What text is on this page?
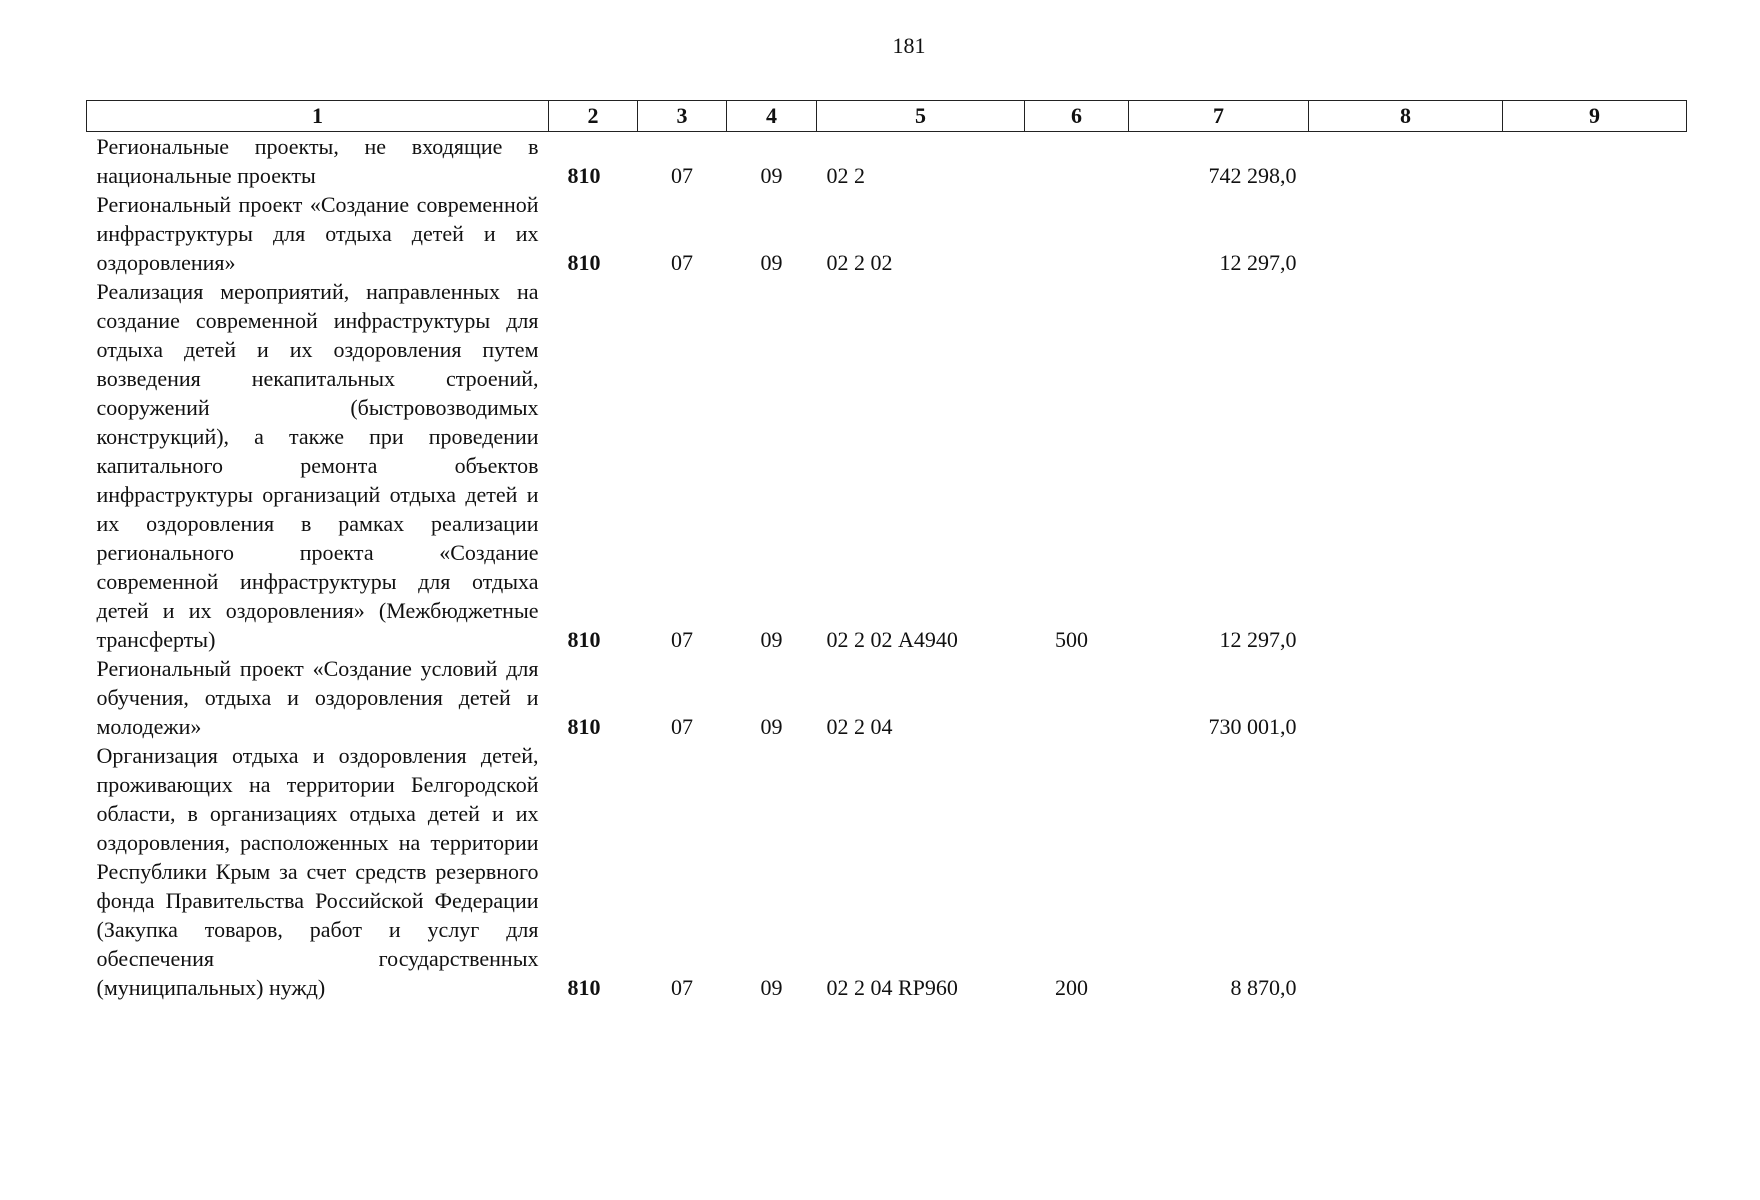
181
1	2	3	4	5	6	7	8	9
Региональные проекты, не входящие в национальные проекты	810	07	09	02 2		742 298,0		
Региональный проект «Создание современной инфраструктуры для отдыха детей и их оздоровления»	810	07	09	02 2 02		12 297,0		
Реализация мероприятий, направленных на создание современной инфраструктуры для отдыха детей и их оздоровления путем возведения некапитальных строений, сооружений (быстровозводимых конструкций), а также при проведении капитального ремонта объектов инфраструктуры организаций отдыха детей и их оздоровления в рамках реализации регионального проекта «Создание современной инфраструктуры для отдыха детей и их оздоровления» (Межбюджетные трансферты)	810	07	09	02 2 02 А4940	500	12 297,0		
Региональный проект «Создание условий для обучения, отдыха и оздоровления детей и молодежи»	810	07	09	02 2 04		730 001,0		
Организация отдыха и оздоровления детей, проживающих на территории Белгородской области, в организациях отдыха детей и их оздоровления, расположенных на территории Республики Крым за счет средств резервного фонда Правительства Российской Федерации (Закупка товаров, работ и услуг для обеспечения государственных (муниципальных) нужд)	810	07	09	02 2 04 RP960	200	8 870,0		
